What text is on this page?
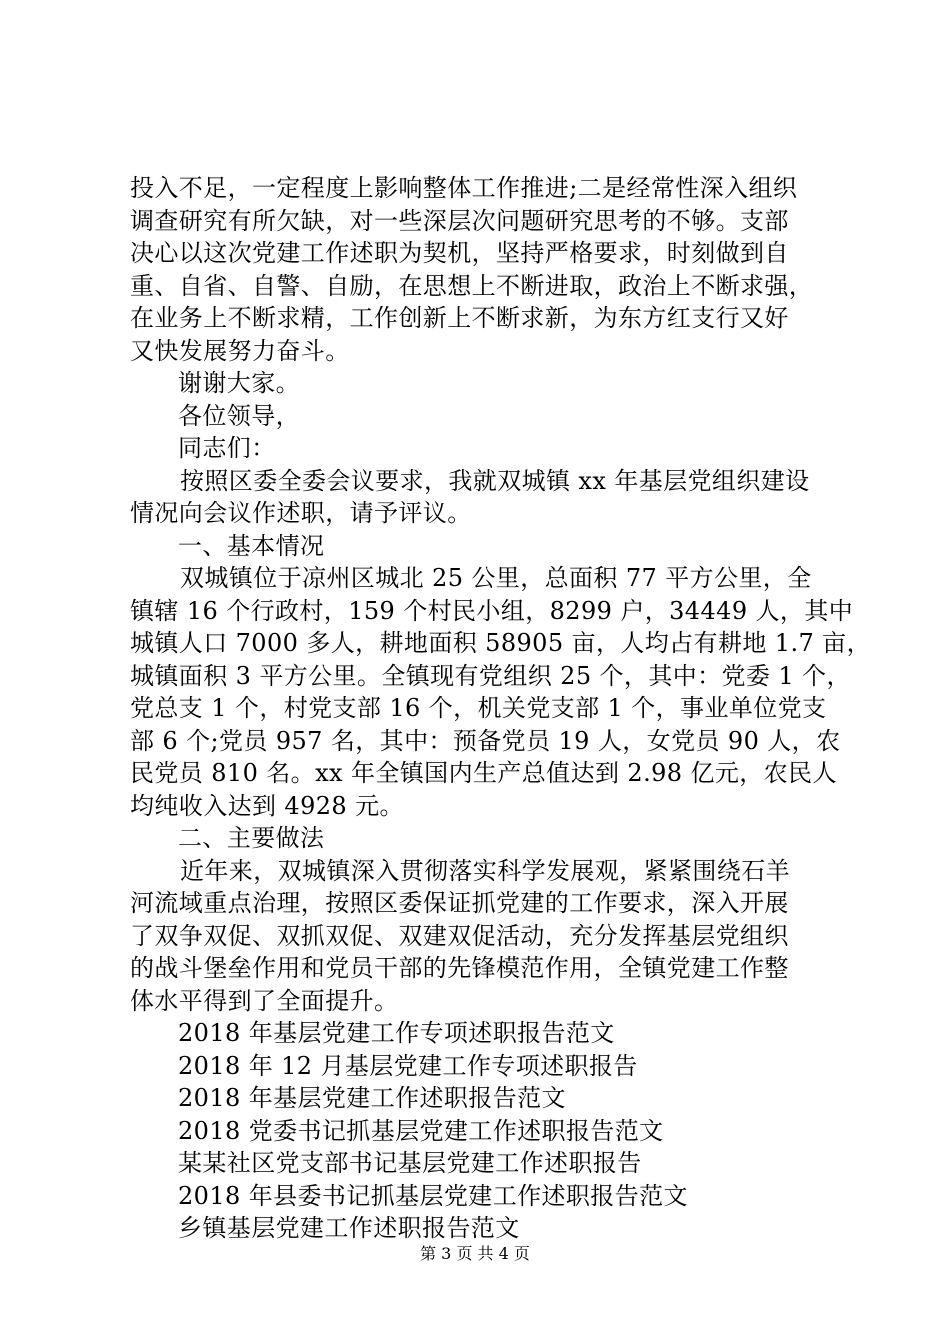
投入不足，一定程度上影响整体工作推进;二是经常性深入组织
调查研究有所欠缺，对一些深层次问题研究思考的不够。支部
决心以这次党建工作述职为契机，坚持严格要求，时刻做到自
重、自省、自警、自励，在思想上不断进取，政治上不断求强，
在业务上不断求精，工作创新上不断求新，为东方红支行又好
又快发展努力奋斗。
谢谢大家。
各位领导，
同志们：
按照区委全委会议要求，我就双城镇 xx 年基层党组织建设
情况向会议作述职，请予评议。
一、基本情况
双城镇位于凉州区城北 25 公里，总面积 77 平方公里，全
镇辖 16 个行政村，159 个村民小组，8299 户，34449 人，其中
城镇人口 7000 多人，耕地面积 58905 亩，人均占有耕地 1.7 亩，
城镇面积 3 平方公里。全镇现有党组织 25 个，其中：党委 1 个，
党总支 1 个，村党支部 16 个，机关党支部 1 个，事业单位党支
部 6 个;党员 957 名，其中：预备党员 19 人，女党员 90 人，农
民党员 810 名。xx 年全镇国内生产总值达到 2.98 亿元，农民人
均纯收入达到 4928 元。
二、主要做法
近年来，双城镇深入贯彻落实科学发展观，紧紧围绕石羊
河流域重点治理，按照区委保证抓党建的工作要求，深入开展
了双争双促、双抓双促、双建双促活动，充分发挥基层党组织
的战斗堡垒作用和党员干部的先锋模范作用，全镇党建工作整
体水平得到了全面提升。
2018 年基层党建工作专项述职报告范文
2018 年 12 月基层党建工作专项述职报告
2018 年基层党建工作述职报告范文
2018 党委书记抓基层党建工作述职报告范文
某某社区党支部书记基层党建工作述职报告
2018 年县委书记抓基层党建工作述职报告范文
乡镇基层党建工作述职报告范文
第 3 页 共 4 页
